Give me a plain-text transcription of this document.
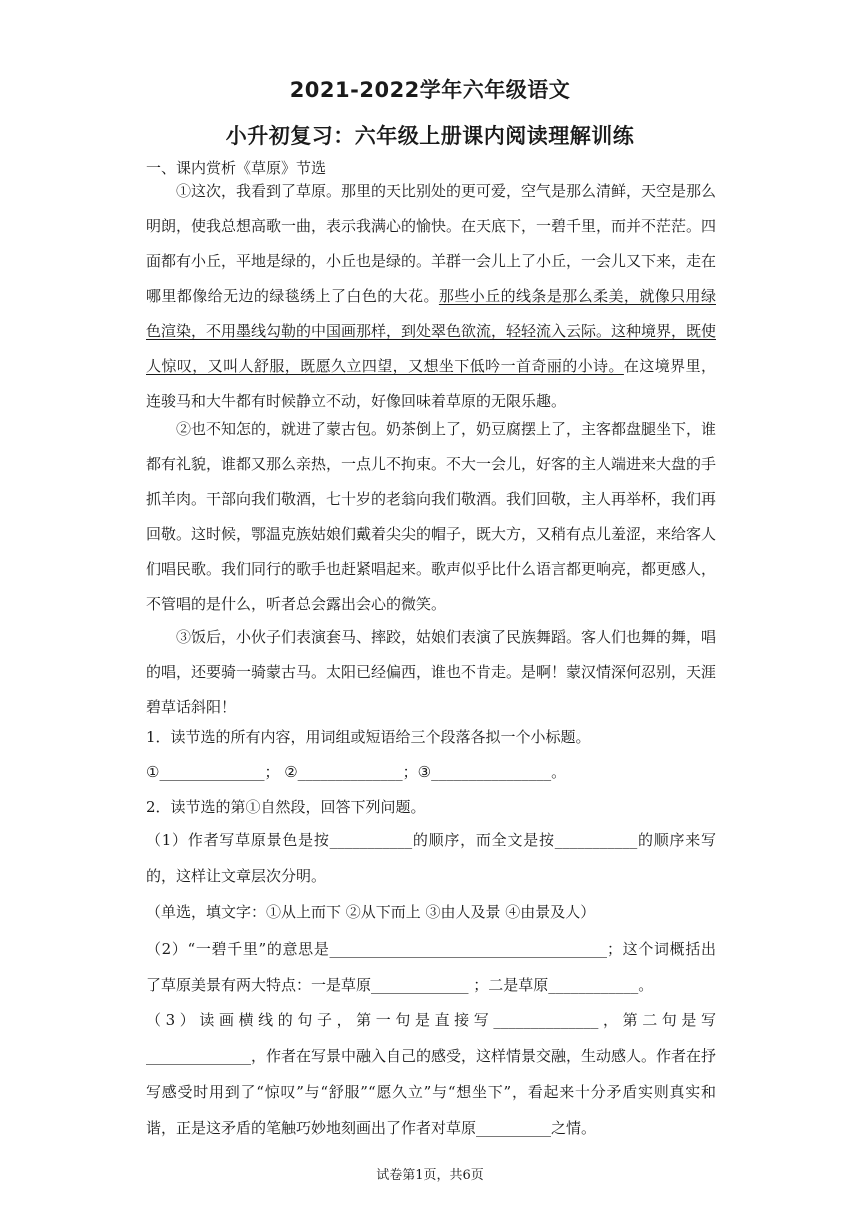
2021-2022学年六年级语文
小升初复习：六年级上册课内阅读理解训练
一、课内赏析《草原》节选

①这次，我看到了草原。那里的天比别处的更可爱，空气是那么清鲜，天空是那么明朗，使我总想高歌一曲，表示我满心的愉快。在天底下，一碧千里，而并不茫茫。四面都有小丘，平地是绿的，小丘也是绿的。羊群一会儿上了小丘，一会儿又下来，走在哪里都像给无边的绿毯绣上了白色的大花。那些小丘的线条是那么柔美，就像只用绿色渲染，不用墨线勾勒的中国画那样，到处翠色欲流，轻轻流入云际。这种境界，既使人惊叹，又叫人舒服，既愿久立四望，又想坐下低吟一首奇丽的小诗。在这境界里，连骏马和大牛都有时候静立不动，好像回味着草原的无限乐趣。

②也不知怎的，就进了蒙古包。奶茶倒上了，奶豆腐摆上了，主客都盘腿坐下，谁都有礼貌，谁都又那么亲热，一点儿不拘束。不大一会儿，好客的主人端进来大盘的手抓羊肉。干部向我们敬酒，七十岁的老翁向我们敬酒。我们回敬，主人再举杯，我们再回敬。这时候，鄂温克族姑娘们戴着尖尖的帽子，既大方，又稍有点儿羞涩，来给客人们唱民歌。我们同行的歌手也赶紧唱起来。歌声似乎比什么语言都更响亮，都更感人，不管唱的是什么，听者总会露出会心的微笑。

③饭后，小伙子们表演套马、摔跤，姑娘们表演了民族舞蹈。客人们也舞的舞，唱的唱，还要骑一骑蒙古马。太阳已经偏西，谁也不肯走。是啊！蒙汉情深何忍别，天涯碧草话斜阳！

1．读节选的所有内容，用词组或短语给三个段落各拟一个小标题。
①______________； ②______________；③________________。
2．读节选的第①自然段，回答下列问题。

（1）作者写草原景色是按___________的顺序，而全文是按___________的顺序来写的，这样让文章层次分明。

（单选，填文字：①从上而下 ②从下而上 ③由人及景 ④由景及人）

（2）“一碧千里”的意思是_____________________________________；这个词概括出了草原美景有两大特点：一是草原_____________ ；二是草原____________。

（3）读画横线的句子，第一句是直接写______________，第二句是写______________，作者在写景中融入自己的感受，这样情景交融，生动感人。作者在抒写感受时用到了“惊叹”与“舒服”“愿久立”与“想坐下”，看起来十分矛盾实则真实和谐，正是这矛盾的笔触巧妙地刻画出了作者对草原__________之情。

试卷第1页，共6页
